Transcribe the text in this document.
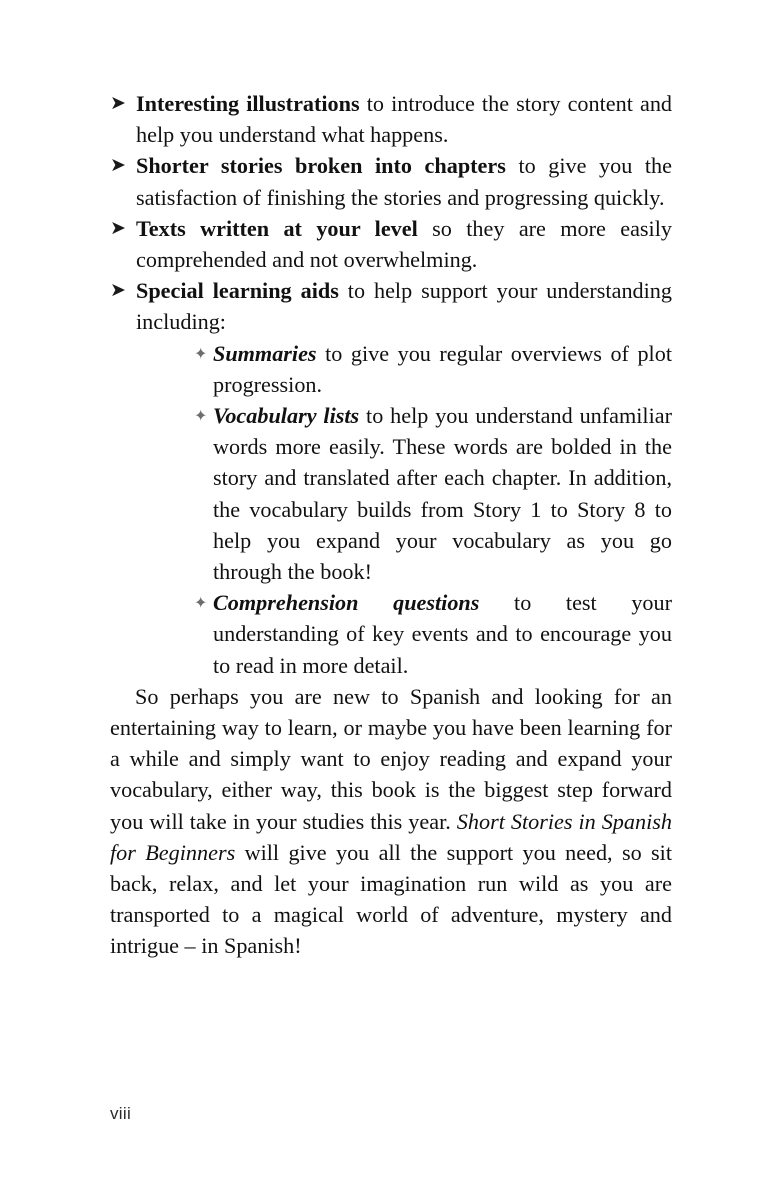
➤ Interesting illustrations to introduce the story content and help you understand what happens.
➤ Shorter stories broken into chapters to give you the satisfaction of finishing the stories and progressing quickly.
➤ Texts written at your level so they are more easily comprehended and not overwhelming.
➤ Special learning aids to help support your understanding including:
✦ Summaries to give you regular overviews of plot progression.
✦ Vocabulary lists to help you understand unfamiliar words more easily. These words are bolded in the story and translated after each chapter. In addition, the vocabulary builds from Story 1 to Story 8 to help you expand your vocabulary as you go through the book!
✦ Comprehension questions to test your understanding of key events and to encourage you to read in more detail.

So perhaps you are new to Spanish and looking for an entertaining way to learn, or maybe you have been learning for a while and simply want to enjoy reading and expand your vocabulary, either way, this book is the biggest step forward you will take in your studies this year. Short Stories in Spanish for Beginners will give you all the support you need, so sit back, relax, and let your imagination run wild as you are transported to a magical world of adventure, mystery and intrigue – in Spanish!

viii
